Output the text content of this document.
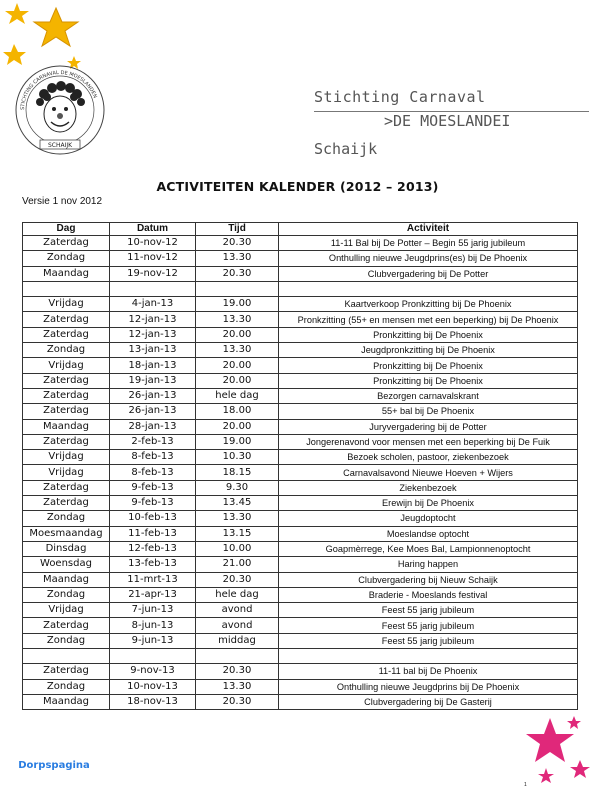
SCHAIJK
STICHTING CARNAVAL DE MOESLANDEN	Stichting Carnaval
>DE MOESLANDEI
Schaijk
ACTIVITEITEN KALENDER (2012 – 2013)
Versie 1 nov 2012
Dag	Datum	Tijd	Activiteit
Zaterdag	10-nov-12	20.30	11-11 Bal bij De Potter – Begin 55 jarig jubileum
Zondag	11-nov-12	13.30	Onthulling nieuwe Jeugdprins(es) bij De Phoenix
Maandag	19-nov-12	20.30	Clubvergadering bij De Potter

Vrijdag	4-jan-13	19.00	Kaartverkoop Pronkzitting bij De Phoenix
Zaterdag	12-jan-13	13.30	Pronkzitting (55+ en mensen met een beperking) bij De Phoenix
Zaterdag	12-jan-13	20.00	Pronkzitting bij De Phoenix
Zondag	13-jan-13	13.30	Jeugdpronkzitting bij De Phoenix
Vrijdag	18-jan-13	20.00	Pronkzitting bij De Phoenix
Zaterdag	19-jan-13	20.00	Pronkzitting bij De Phoenix
Zaterdag	26-jan-13	hele dag	Bezorgen carnavalskrant
Zaterdag	26-jan-13	18.00	55+ bal bij De Phoenix
Maandag	28-jan-13	20.00	Juryvergadering bij de Potter
Zaterdag	2-feb-13	19.00	Jongerenavond voor mensen met een beperking bij De Fuik
Vrijdag	8-feb-13	10.30	Bezoek scholen, pastoor, ziekenbezoek
Vrijdag	8-feb-13	18.15	Carnavalsavond Nieuwe Hoeven + Wijers
Zaterdag	9-feb-13	9.30	Ziekenbezoek
Zaterdag	9-feb-13	13.45	Erewijn bij De Phoenix
Zondag	10-feb-13	13.30	Jeugdoptocht
Moesmaandag	11-feb-13	13.15	Moeslandse optocht
Dinsdag	12-feb-13	10.00	Goapmèrrege, Kee Moes Bal, Lampionnenoptocht
Woensdag	13-feb-13	21.00	Haring happen
Maandag	11-mrt-13	20.30	Clubvergadering bij Nieuw Schaijk
Zondag	21-apr-13	hele dag	Braderie - Moeslands festival
Vrijdag	7-jun-13	avond	Feest 55 jarig jubileum
Zaterdag	8-jun-13	avond	Feest 55 jarig jubileum
Zondag	9-jun-13	middag	Feest 55 jarig jubileum

Zaterdag	9-nov-13	20.30	11-11 bal bij De Phoenix
Zondag	10-nov-13	13.30	Onthulling nieuwe Jeugdprins bij De Phoenix
Maandag	18-nov-13	20.30	Clubvergadering bij De Gasterij
Dorpspagina
1
